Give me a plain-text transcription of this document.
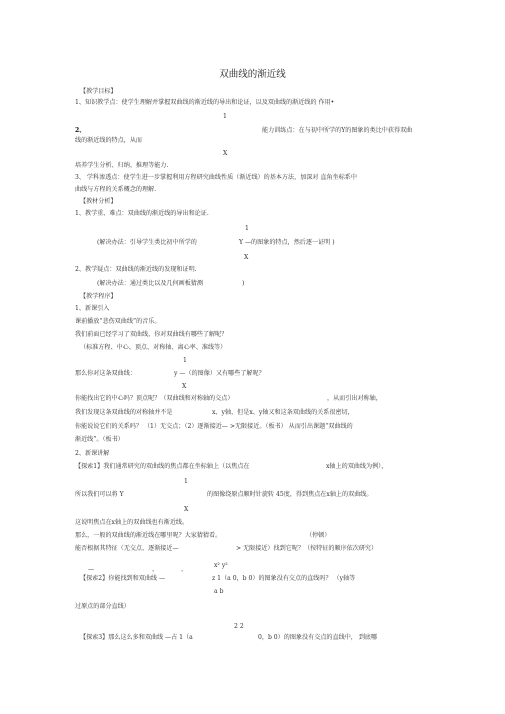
双曲线的渐近线
【教学目标】
1、知识教学点：使学生理解并掌握双曲线的渐近线的导出和论证，以及双曲线的渐近线的 作用•
1
2、	能力训练点：在与初中所学的Y的图象的类比中获得双曲
线的渐近线的特点，从而
X
培养学生分析、归纳、推理等能力.
3、 学科渗透点：使学生进一步掌握利用方程研究曲线性质（渐近线）的基本方法，加深对 直角坐标系中
曲线与方程的关系概念的理解.
【教材分析】
1、教学重、难点：双曲线的渐近线的导出和论证.
1
(解决办法：引导学生类比初中所学的	Y —的图象的特点，然后逐一证明 )
X
2、教学疑点：双曲线的渐近线的发现和证明.
(解决办法：通过类比以及几何画板猜测	)
【教学程序】
1、新课引入
课前播放“悲伤双曲线”的音乐。
我们前面已经学习了双曲线，你对双曲线有哪些了解呢？
（标准方程、中心、顶点、对称轴、离心率、准线等）
1
那么你对这条双曲线：	y —（的图像）又有哪些了解呢？
X
你能找出它的中心吗？顶点呢？（双曲线和对称轴的交点）	，从而引出对称轴，
我们发现这条双曲线的对称轴并不是	x、y轴，但是x、y轴又和这条双曲线的关系很密切，
你能说说它们的关系吗？ （1）无交点；（2）逐渐接近— >无限接近。（板书） 从而引出课题“双曲线的
渐近线”。（板书）
2、新课讲解
【探索1】我们通常研究的双曲线的焦点都在坐标轴上（以焦点在	x轴上的双曲线为例），
1
所以我们可以将 Y	的图像绕原点顺时针旋转 45度，得到焦点在x轴上的双曲线。
X
这说明焦点在x轴上的双曲线也有渐近线。
那么，一般的双曲线的渐近线在哪里呢？大家猜猜看。	（停顿）
能否根据其特征（无交点、逐渐接近—	> 无限接近）找到它呢？（按特征的顺序依次研究）
—	、	、
x² y²
【探索2】你能找到和双曲线 —	z 1（a 0，b 0）的图象没有交点的直线吗？ （y轴等
a b
过原点的部分直线）
2 2
【探索3】那么这么多和双曲线 —占 1（a	0，b 0）的图象没有交点的直线中， 到底哪
